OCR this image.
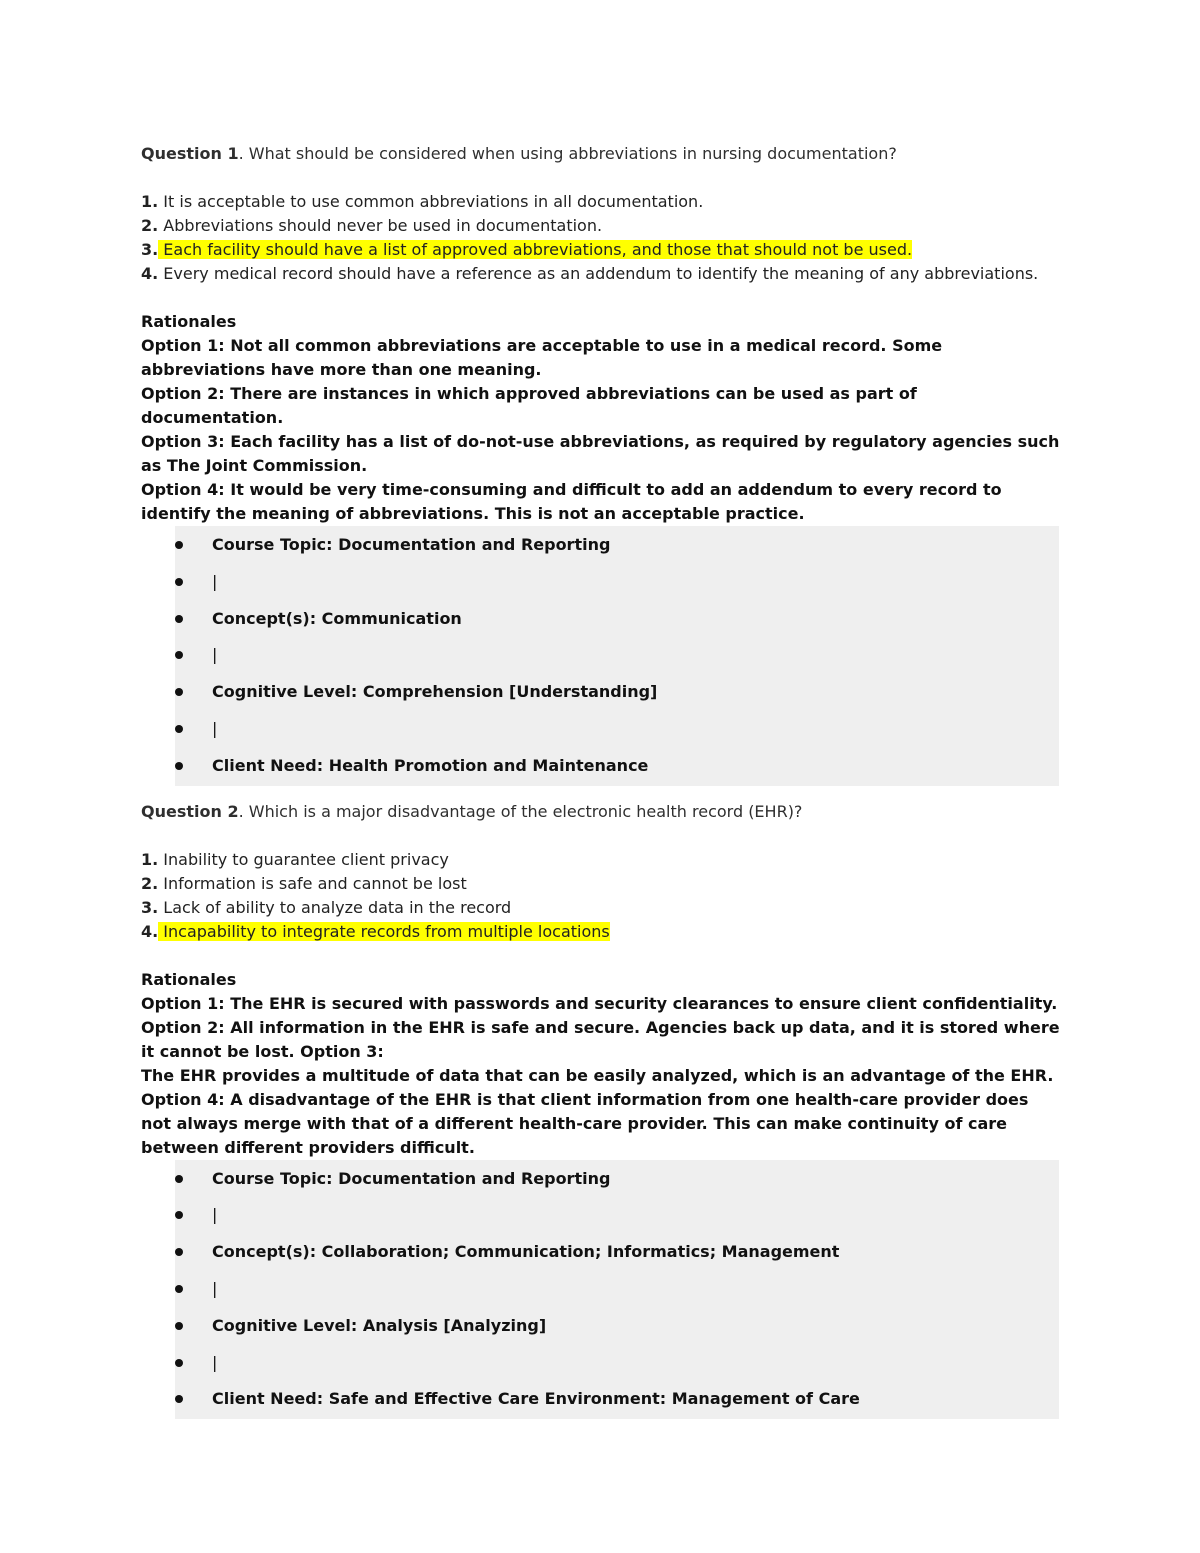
Question 1. What should be considered when using abbreviations in nursing documentation?

1. It is acceptable to use common abbreviations in all documentation.

2. Abbreviations should never be used in documentation.

3. Each facility should have a list of approved abbreviations, and those that should not be used.

4. Every medical record should have a reference as an addendum to identify the meaning of any abbreviations.

Rationales

Option 1: Not all common abbreviations are acceptable to use in a medical record. Some abbreviations have more than one meaning.

Option 2: There are instances in which approved abbreviations can be used as part of documentation.

Option 3: Each facility has a list of do-not-use abbreviations, as required by regulatory agencies such as The Joint Commission.

Option 4: It would be very time-consuming and difficult to add an addendum to every record to identify the meaning of abbreviations. This is not an acceptable practice.

Course Topic: Documentation and Reporting
|
Concept(s): Communication
|
Cognitive Level: Comprehension [Understanding]
|
Client Need: Health Promotion and Maintenance

Question 2. Which is a major disadvantage of the electronic health record (EHR)?

1. Inability to guarantee client privacy

2. Information is safe and cannot be lost

3. Lack of ability to analyze data in the record

4. Incapability to integrate records from multiple locations

Rationales

Option 1: The EHR is secured with passwords and security clearances to ensure client confidentiality.

Option 2: All information in the EHR is safe and secure. Agencies back up data, and it is stored where it cannot be lost. Option 3:

The EHR provides a multitude of data that can be easily analyzed, which is an advantage of the EHR.

Option 4: A disadvantage of the EHR is that client information from one health-care provider does not always merge with that of a different health-care provider. This can make continuity of care between different providers difficult.

Course Topic: Documentation and Reporting
|
Concept(s): Collaboration; Communication; Informatics; Management
|
Cognitive Level: Analysis [Analyzing]
|
Client Need: Safe and Effective Care Environment: Management of Care
